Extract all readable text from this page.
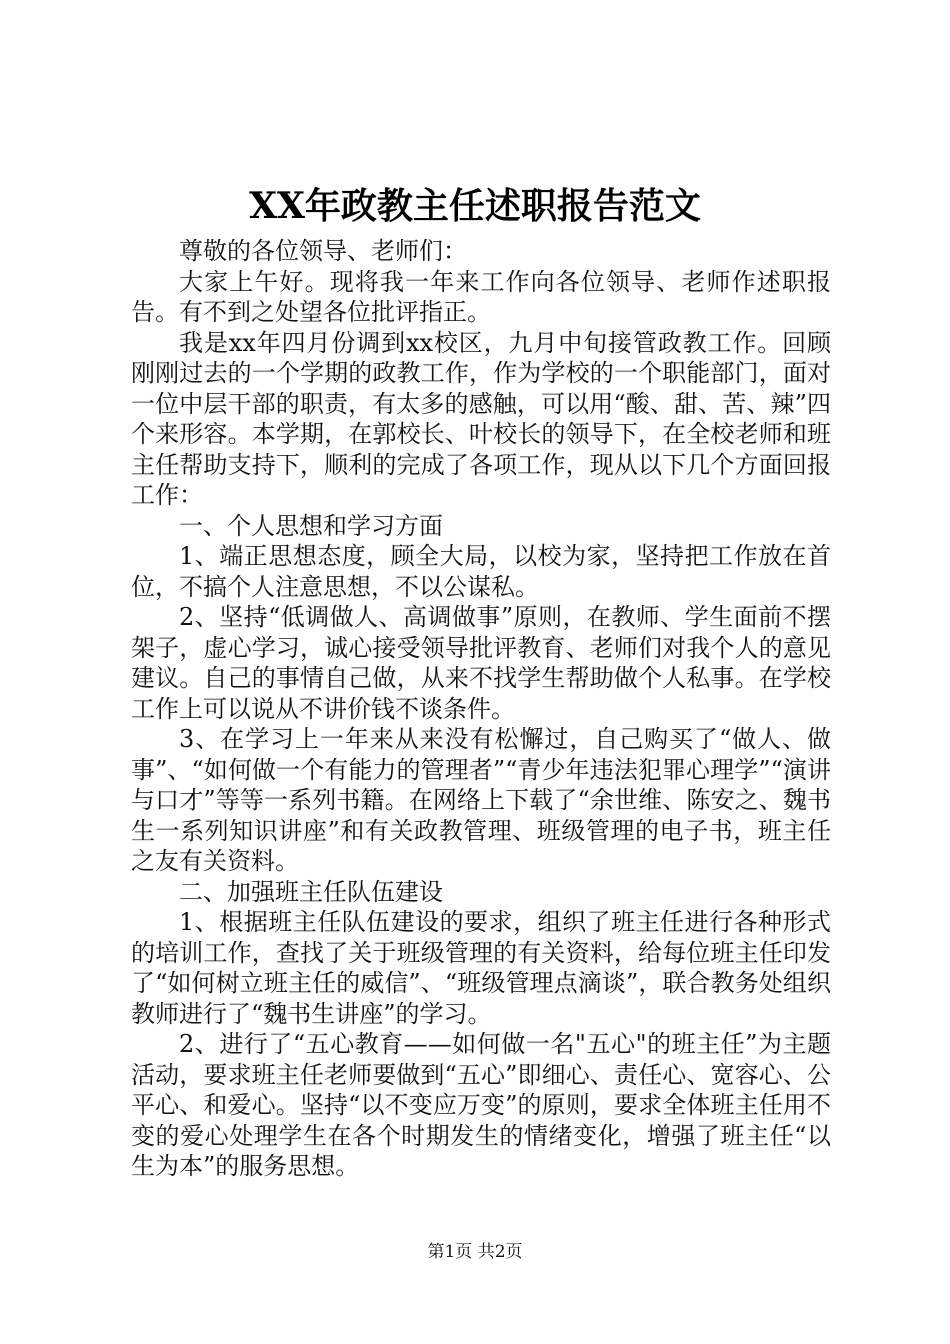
XX年政教主任述职报告范文

尊敬的各位领导、老师们：

大家上午好。现将我一年来工作向各位领导、老师作述职报告。有不到之处望各位批评指正。

我是xx年四月份调到xx校区，九月中旬接管政教工作。回顾刚刚过去的一个学期的政教工作，作为学校的一个职能部门，面对一位中层干部的职责，有太多的感触，可以用“酸、甜、苦、辣”四个来形容。本学期，在郭校长、叶校长的领导下，在全校老师和班主任帮助支持下，顺利的完成了各项工作，现从以下几个方面回报工作：

一、个人思想和学习方面

1、端正思想态度，顾全大局，以校为家，坚持把工作放在首位，不搞个人注意思想，不以公谋私。

2、坚持“低调做人、高调做事”原则，在教师、学生面前不摆架子，虚心学习，诚心接受领导批评教育、老师们对我个人的意见建议。自己的事情自己做，从来不找学生帮助做个人私事。在学校工作上可以说从不讲价钱不谈条件。

3、在学习上一年来从来没有松懈过，自己购买了“做人、做事”、“如何做一个有能力的管理者”“青少年违法犯罪心理学”“演讲与口才”等等一系列书籍。在网络上下载了“余世维、陈安之、魏书生一系列知识讲座”和有关政教管理、班级管理的电子书，班主任之友有关资料。

二、加强班主任队伍建设

1、根据班主任队伍建设的要求，组织了班主任进行各种形式的培训工作，查找了关于班级管理的有关资料，给每位班主任印发了“如何树立班主任的威信”、“班级管理点滴谈”，联合教务处组织教师进行了“魏书生讲座”的学习。

2、进行了“五心教育——如何做一名"五心"的班主任”为主题活动，要求班主任老师要做到“五心”即细心、责任心、宽容心、公平心、和爱心。坚持“以不变应万变”的原则，要求全体班主任用不变的爱心处理学生在各个时期发生的情绪变化，增强了班主任“以生为本”的服务思想。

第1页 共2页
